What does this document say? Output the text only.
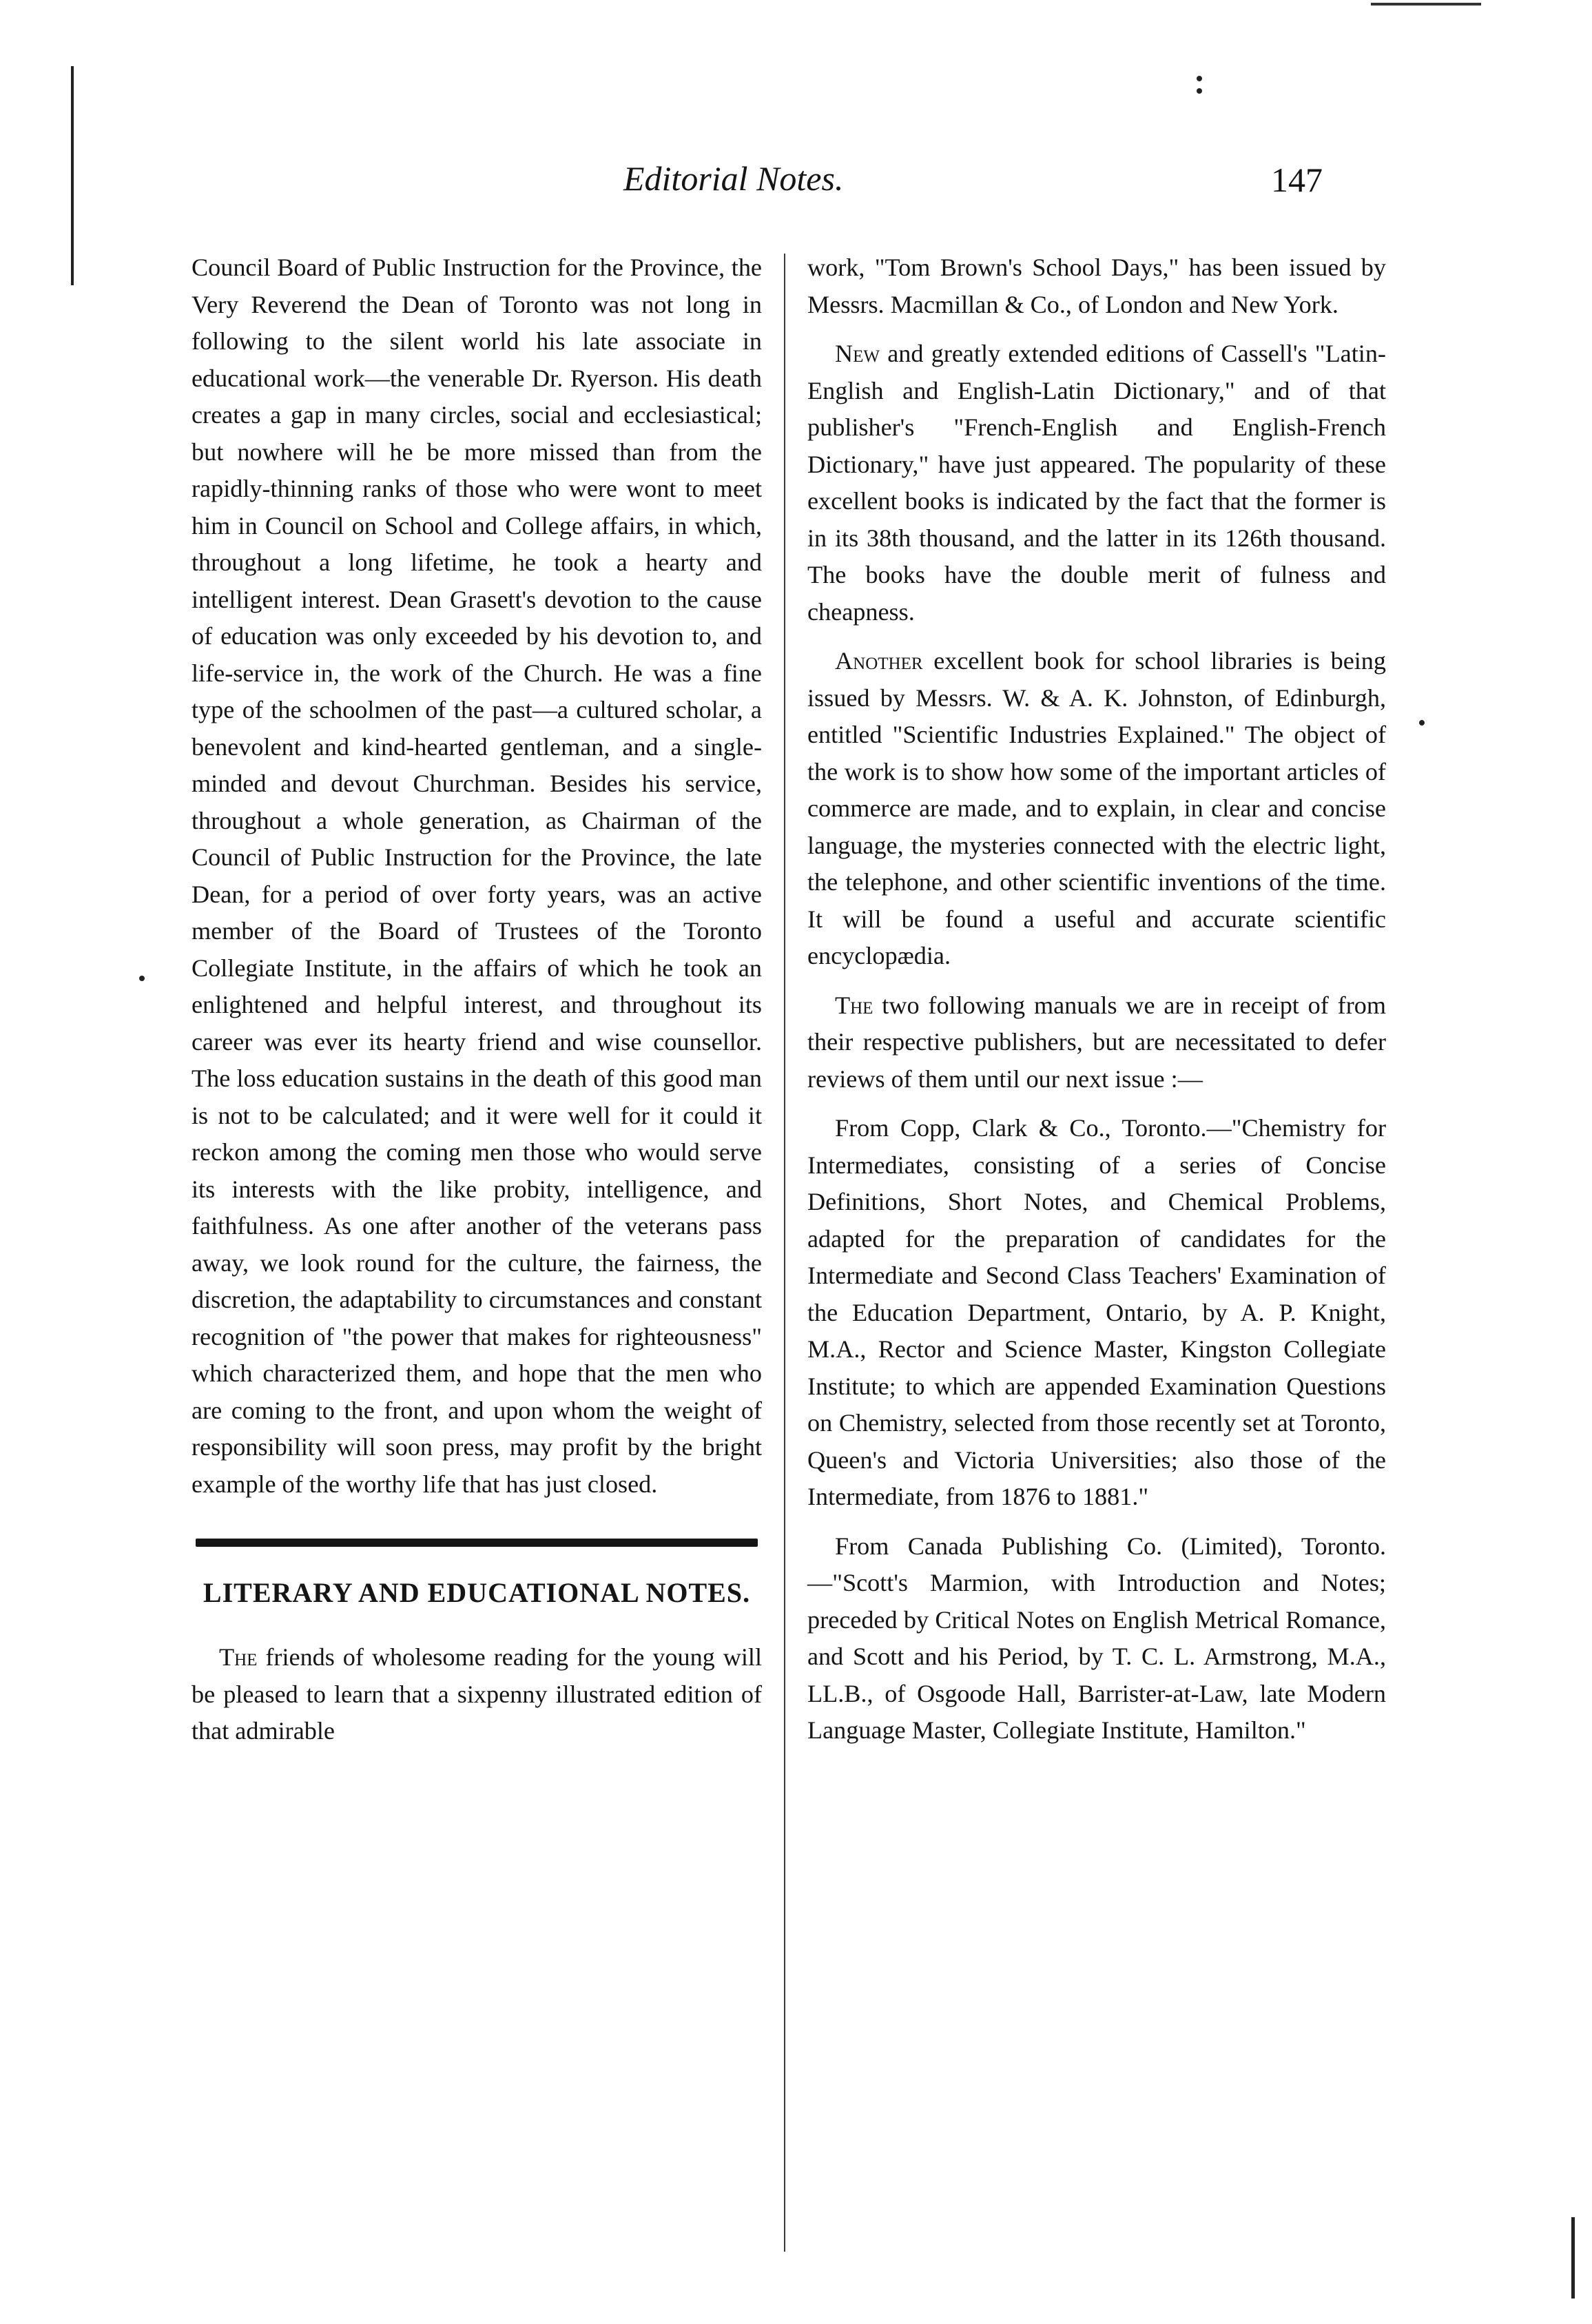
Editorial Notes.	147

Council Board of Public Instruction for the Province, the Very Reverend the Dean of Toronto was not long in following to the silent world his late associate in educational work—the venerable Dr. Ryerson. His death creates a gap in many circles, social and ecclesiastical; but nowhere will he be more missed than from the rapidly-thinning ranks of those who were wont to meet him in Council on School and College affairs, in which, throughout a long lifetime, he took a hearty and intelligent interest. Dean Grasett's devotion to the cause of education was only exceeded by his devotion to, and life-service in, the work of the Church. He was a fine type of the schoolmen of the past—a cultured scholar, a benevolent and kind-hearted gentleman, and a single-minded and devout Churchman. Besides his service, throughout a whole generation, as Chairman of the Council of Public Instruction for the Province, the late Dean, for a period of over forty years, was an active member of the Board of Trustees of the Toronto Collegiate Institute, in the affairs of which he took an enlightened and helpful interest, and throughout its career was ever its hearty friend and wise counsellor. The loss education sustains in the death of this good man is not to be calculated; and it were well for it could it reckon among the coming men those who would serve its interests with the like probity, intelligence, and faithfulness. As one after another of the veterans pass away, we look round for the culture, the fairness, the discretion, the adaptability to circumstances and constant recognition of "the power that makes for righteousness" which characterized them, and hope that the men who are coming to the front, and upon whom the weight of responsibility will soon press, may profit by the bright example of the worthy life that has just closed.

LITERARY AND EDUCATIONAL NOTES.

The friends of wholesome reading for the young will be pleased to learn that a sixpenny illustrated edition of that admirable

work, "Tom Brown's School Days," has been issued by Messrs. Macmillan & Co., of London and New York.

New and greatly extended editions of Cassell's "Latin-English and English-Latin Dictionary," and of that publisher's "French-English and English-French Dictionary," have just appeared. The popularity of these excellent books is indicated by the fact that the former is in its 38th thousand, and the latter in its 126th thousand. The books have the double merit of fulness and cheapness.

Another excellent book for school libraries is being issued by Messrs. W. & A. K. Johnston, of Edinburgh, entitled "Scientific Industries Explained." The object of the work is to show how some of the important articles of commerce are made, and to explain, in clear and concise language, the mysteries connected with the electric light, the telephone, and other scientific inventions of the time. It will be found a useful and accurate scientific encyclopædia.

The two following manuals we are in receipt of from their respective publishers, but are necessitated to defer reviews of them until our next issue :—

From Copp, Clark & Co., Toronto.—"Chemistry for Intermediates, consisting of a series of Concise Definitions, Short Notes, and Chemical Problems, adapted for the preparation of candidates for the Intermediate and Second Class Teachers' Examination of the Education Department, Ontario, by A. P. Knight, M.A., Rector and Science Master, Kingston Collegiate Institute; to which are appended Examination Questions on Chemistry, selected from those recently set at Toronto, Queen's and Victoria Universities; also those of the Intermediate, from 1876 to 1881."

From Canada Publishing Co. (Limited), Toronto.—"Scott's Marmion, with Introduction and Notes; preceded by Critical Notes on English Metrical Romance, and Scott and his Period, by T. C. L. Armstrong, M.A., LL.B., of Osgoode Hall, Barrister-at-Law, late Modern Language Master, Collegiate Institute, Hamilton."
